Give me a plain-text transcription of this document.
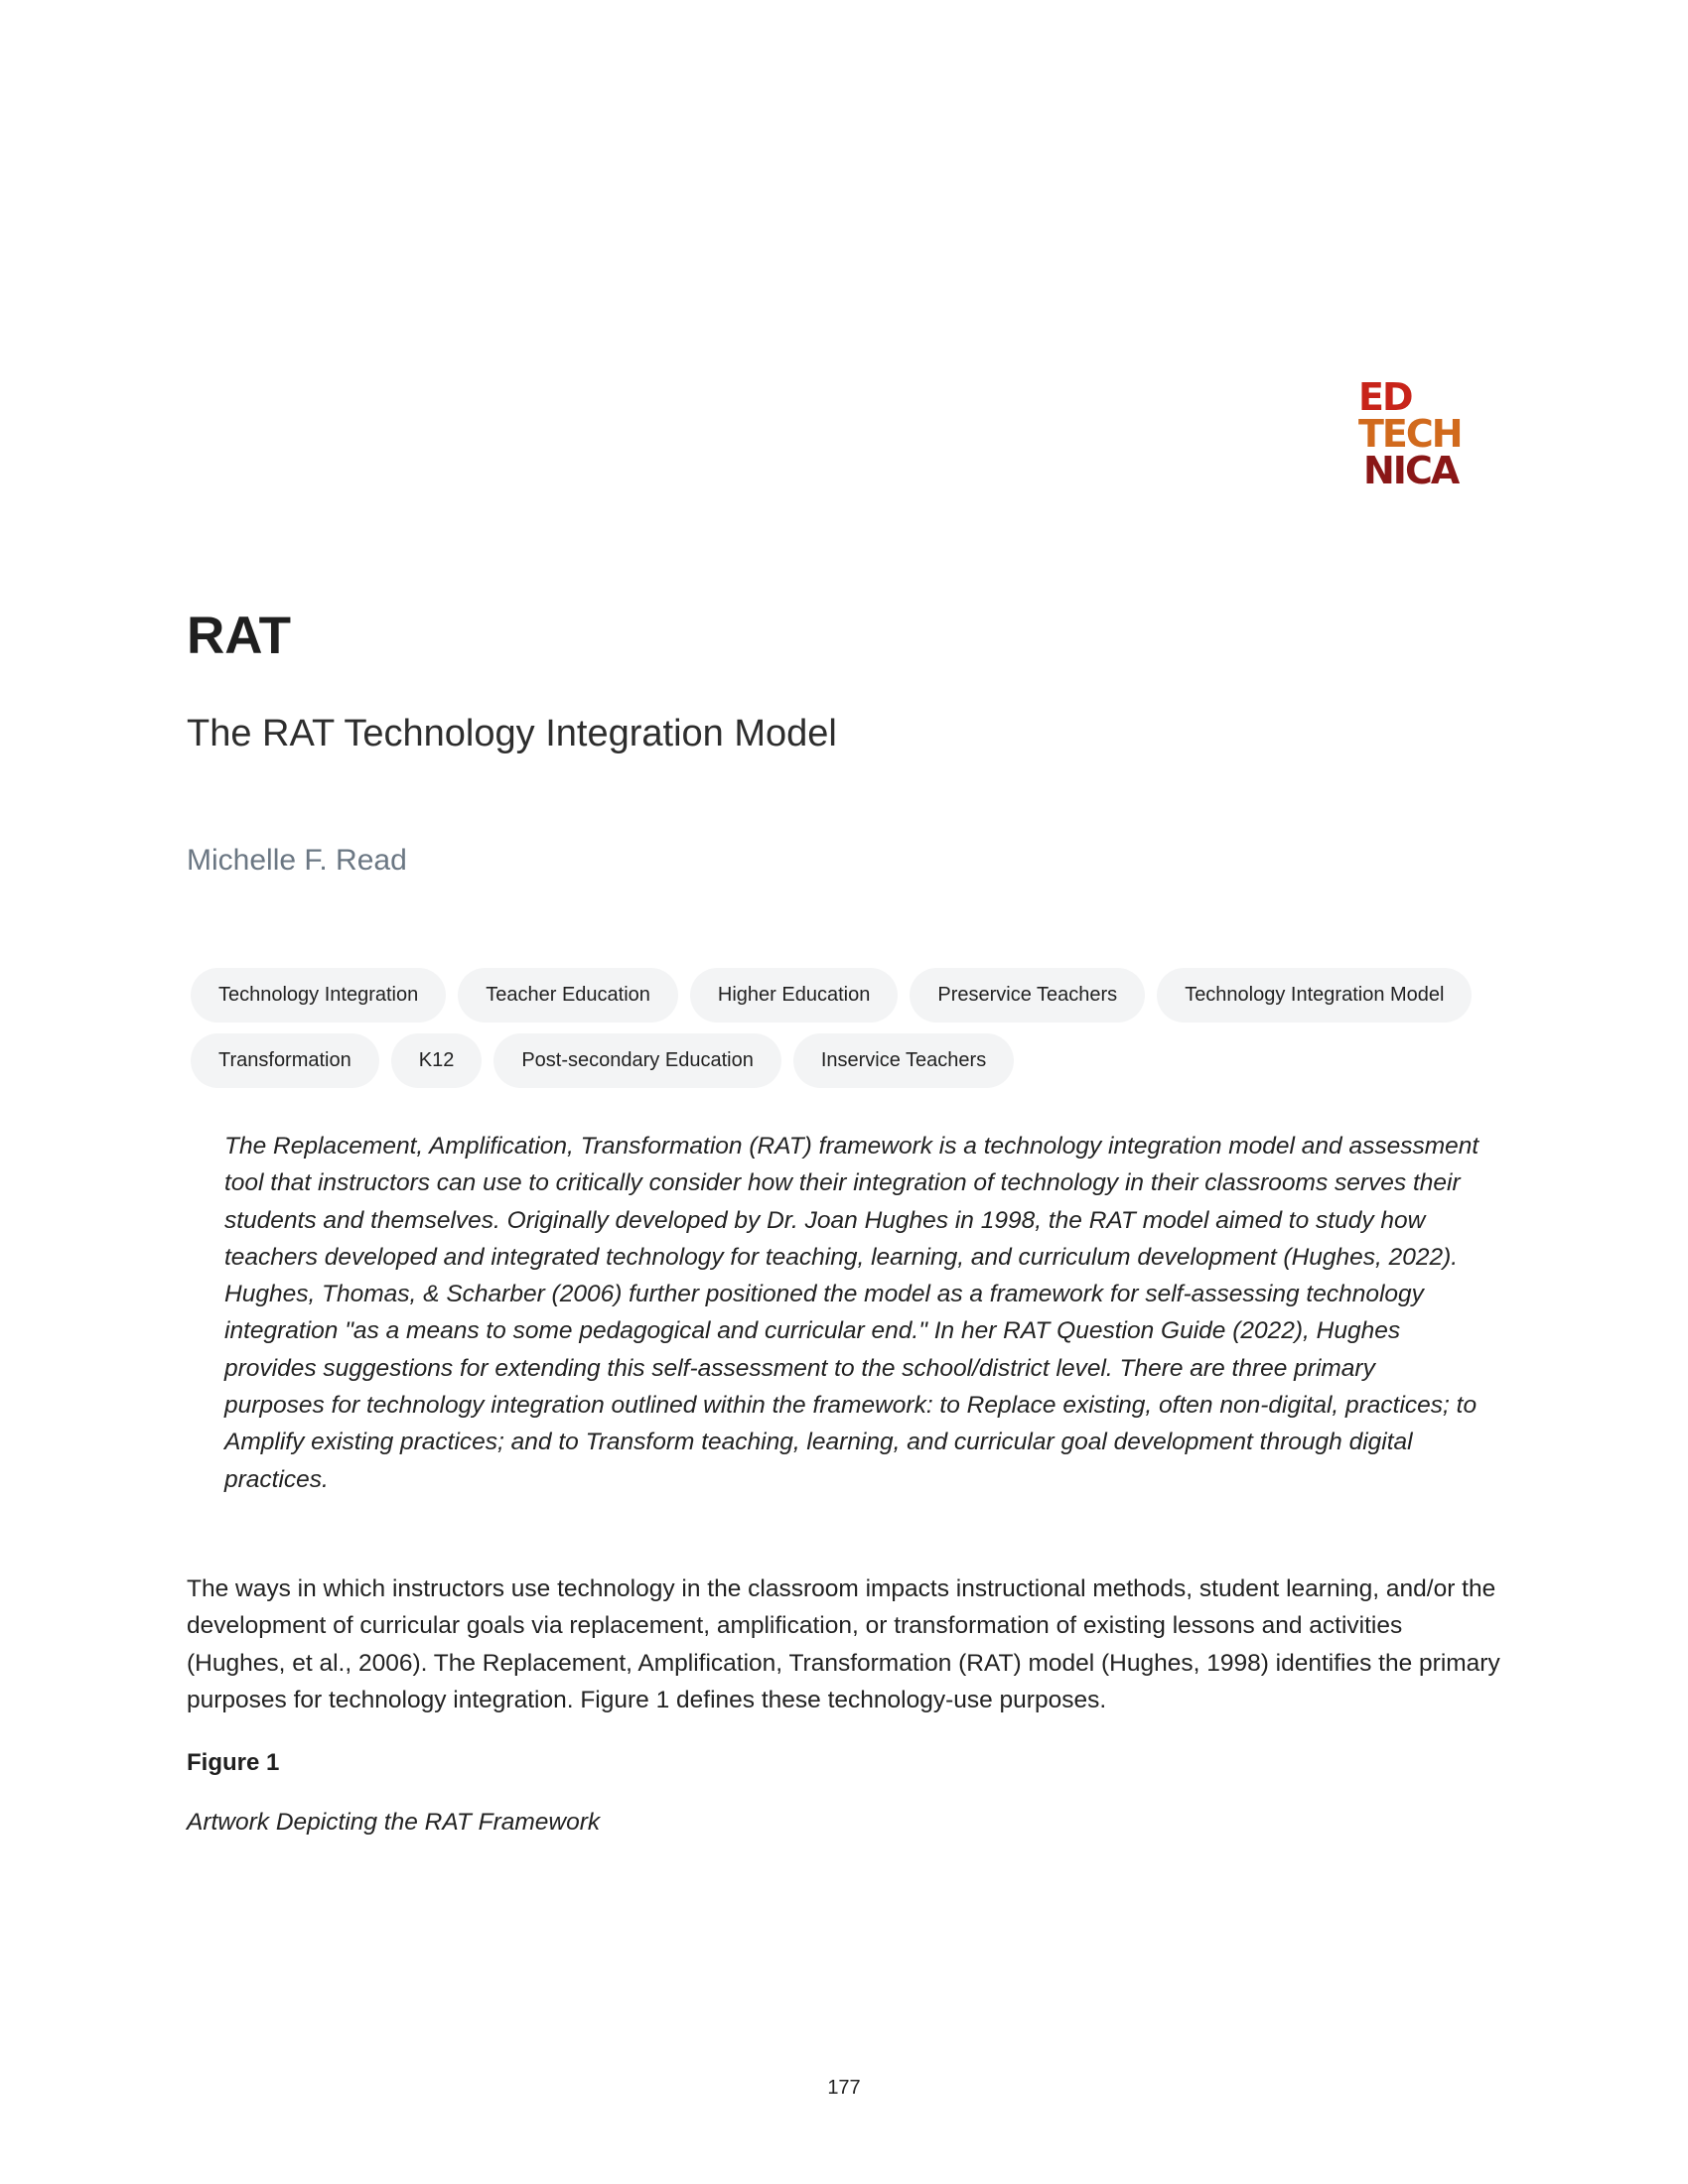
ED
TECH
NICA
RAT
The RAT Technology Integration Model

Michelle F. Read

Technology Integration	Teacher Education	Higher Education	Preservice Teachers	Technology Integration Model
Transformation	K12	Post-secondary Education	Inservice Teachers

The Replacement, Amplification, Transformation (RAT) framework is a technology integration model and assessment tool that instructors can use to critically consider how their integration of technology in their classrooms serves their students and themselves. Originally developed by Dr. Joan Hughes in 1998, the RAT model aimed to study how teachers developed and integrated technology for teaching, learning, and curriculum development (Hughes, 2022). Hughes, Thomas, & Scharber (2006) further positioned the model as a framework for self-assessing technology integration "as a means to some pedagogical and curricular end." In her RAT Question Guide (2022), Hughes provides suggestions for extending this self-assessment to the school/district level. There are three primary purposes for technology integration outlined within the framework: to Replace existing, often non-digital, practices; to Amplify existing practices; and to Transform teaching, learning, and curricular goal development through digital practices.

The ways in which instructors use technology in the classroom impacts instructional methods, student learning, and/or the development of curricular goals via replacement, amplification, or transformation of existing lessons and activities (Hughes, et al., 2006). The Replacement, Amplification, Transformation (RAT) model (Hughes, 1998) identifies the primary purposes for technology integration. Figure 1 defines these technology-use purposes.

Figure 1

Artwork Depicting the RAT Framework

177
